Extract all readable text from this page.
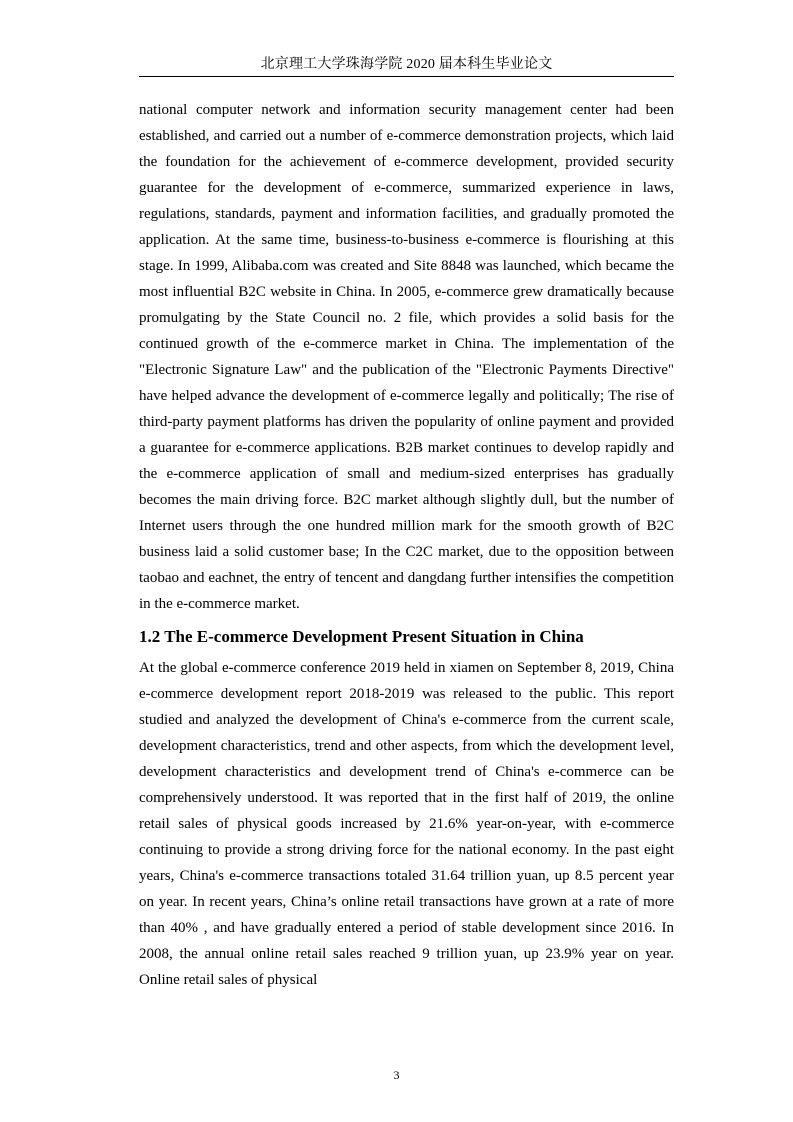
北京理工大学珠海学院 2020 届本科生毕业论文

national computer network and information security management center had been established, and carried out a number of e-commerce demonstration projects, which laid the foundation for the achievement of e-commerce development, provided security guarantee for the development of e-commerce, summarized experience in laws, regulations, standards, payment and information facilities, and gradually promoted the application. At the same time, business-to-business e-commerce is flourishing at this stage. In 1999, Alibaba.com was created and Site 8848 was launched, which became the most influential B2C website in China. In 2005, e-commerce grew dramatically because promulgating by the State Council no. 2 file, which provides a solid basis for the continued growth of the e-commerce market in China. The implementation of the "Electronic Signature Law" and the publication of the "Electronic Payments Directive" have helped advance the development of e-commerce legally and politically; The rise of third-party payment platforms has driven the popularity of online payment and provided a guarantee for e-commerce applications. B2B market continues to develop rapidly and the e-commerce application of small and medium-sized enterprises has gradually becomes the main driving force. B2C market although slightly dull, but the number of Internet users through the one hundred million mark for the smooth growth of B2C business laid a solid customer base; In the C2C market, due to the opposition between taobao and eachnet, the entry of tencent and dangdang further intensifies the competition in the e-commerce market.

1.2 The E-commerce Development Present Situation in China

At the global e-commerce conference 2019 held in xiamen on September 8, 2019, China e-commerce development report 2018-2019 was released to the public. This report studied and analyzed the development of China's e-commerce from the current scale, development characteristics, trend and other aspects, from which the development level, development characteristics and development trend of China's e-commerce can be comprehensively understood. It was reported that in the first half of 2019, the online retail sales of physical goods increased by 21.6% year-on-year, with e-commerce continuing to provide a strong driving force for the national economy. In the past eight years, China's e-commerce transactions totaled 31.64 trillion yuan, up 8.5 percent year on year. In recent years, China’s online retail transactions have grown at a rate of more than 40% , and have gradually entered a period of stable development since 2016. In 2008, the annual online retail sales reached 9 trillion yuan, up 23.9% year on year. Online retail sales of physical

3
